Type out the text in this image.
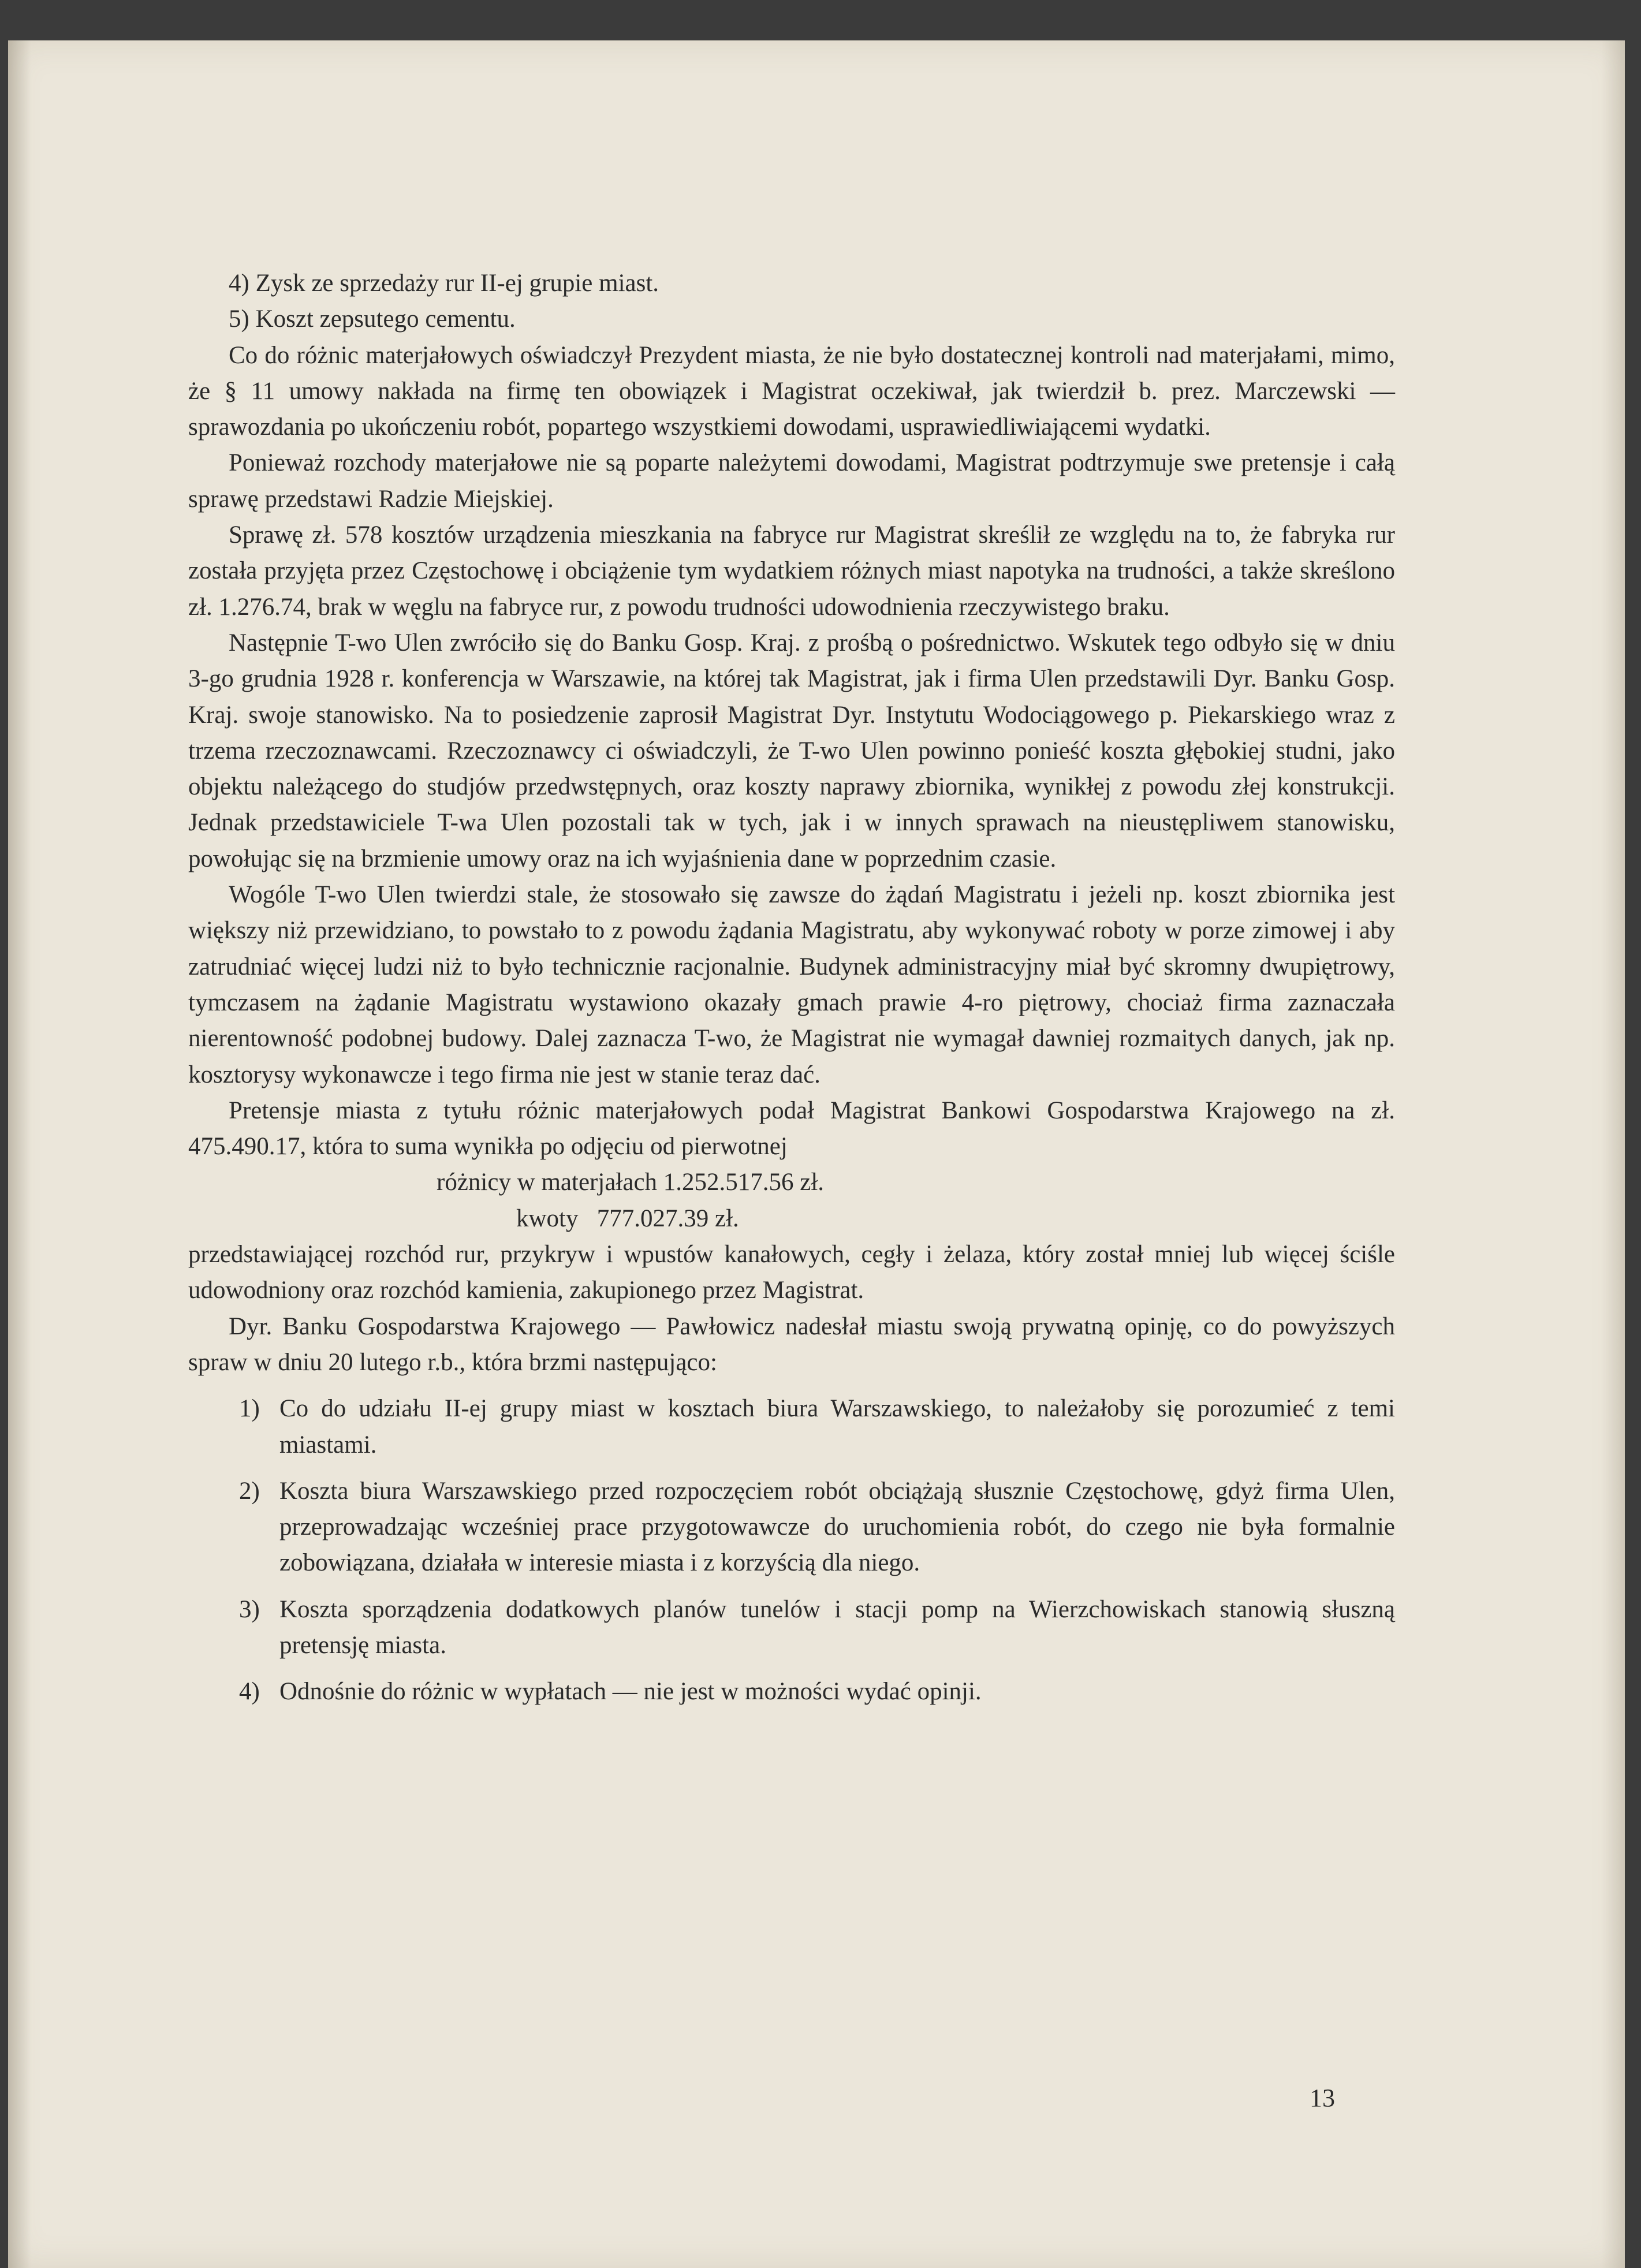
4) Zysk ze sprzedaży rur II-ej grupie miast.

5) Koszt zepsutego cementu.

Co do różnic materjałowych oświadczył Prezydent miasta, że nie było dostatecznej kontroli nad materjałami, mimo, że § 11 umowy nakłada na firmę ten obowiązek i Magistrat oczekiwał, jak twierdził b. prez. Marczewski — sprawozdania po ukończeniu robót, popartego wszystkiemi dowodami, usprawiedliwiającemi wydatki.

Ponieważ rozchody materjałowe nie są poparte należytemi dowodami, Magistrat podtrzymuje swe pretensje i całą sprawę przedstawi Radzie Miejskiej.

Sprawę zł. 578 kosztów urządzenia mieszkania na fabryce rur Magistrat skreślił ze względu na to, że fabryka rur została przyjęta przez Częstochowę i obciążenie tym wydatkiem różnych miast napotyka na trudności, a także skreślono zł. 1.276.74, brak w węglu na fabryce rur, z powodu trudności udowodnienia rzeczywistego braku.

Następnie T-wo Ulen zwróciło się do Banku Gosp. Kraj. z prośbą o pośrednictwo. Wskutek tego odbyło się w dniu 3-go grudnia 1928 r. konferencja w Warszawie, na której tak Magistrat, jak i firma Ulen przedstawili Dyr. Banku Gosp. Kraj. swoje stanowisko. Na to posiedzenie zaprosił Magistrat Dyr. Instytutu Wodociągowego p. Piekarskiego wraz z trzema rzeczoznawcami. Rzeczoznawcy ci oświadczyli, że T-wo Ulen powinno ponieść koszta głębokiej studni, jako objektu należącego do studjów przedwstępnych, oraz koszty naprawy zbiornika, wynikłej z powodu złej konstrukcji. Jednak przedstawiciele T-wa Ulen pozostali tak w tych, jak i w innych sprawach na nieustępliwem stanowisku, powołując się na brzmienie umowy oraz na ich wyjaśnienia dane w poprzednim czasie.

Wogóle T-wo Ulen twierdzi stale, że stosowało się zawsze do żądań Magistratu i jeżeli np. koszt zbiornika jest większy niż przewidziano, to powstało to z powodu żądania Magistratu, aby wykonywać roboty w porze zimowej i aby zatrudniać więcej ludzi niż to było technicznie racjonalnie. Budynek administracyjny miał być skromny dwupiętrowy, tymczasem na żądanie Magistratu wystawiono okazały gmach prawie 4-ro piętrowy, chociaż firma zaznaczała nierentowność podobnej budowy. Dalej zaznacza T-wo, że Magistrat nie wymagał dawniej rozmaitych danych, jak np. kosztorysy wykonawcze i tego firma nie jest w stanie teraz dać.

Pretensje miasta z tytułu różnic materjałowych podał Magistrat Bankowi Gospodarstwa Krajowego na zł. 475.490.17, która to suma wynikła po odjęciu od pierwotnej

różnicy w materjałach 1.252.517.56 zł.

kwoty   777.027.39 zł.

przedstawiającej rozchód rur, przykryw i wpustów kanałowych, cegły i żelaza, który został mniej lub więcej ściśle udowodniony oraz rozchód kamienia, zakupionego przez Magistrat.

Dyr. Banku Gospodarstwa Krajowego — Pawłowicz nadesłał miastu swoją prywatną opinję, co do powyższych spraw w dniu 20 lutego r.b., która brzmi następująco:

1) Co do udziału II-ej grupy miast w kosztach biura Warszawskiego, to należałoby się porozumieć z temi miastami.
2) Koszta biura Warszawskiego przed rozpoczęciem robót obciążają słusznie Częstochowę, gdyż firma Ulen, przeprowadzając wcześniej prace przygotowawcze do uruchomienia robót, do czego nie była formalnie zobowiązana, działała w interesie miasta i z korzyścią dla niego.
3) Koszta sporządzenia dodatkowych planów tunelów i stacji pomp na Wierzchowiskach stanowią słuszną pretensję miasta.
4) Odnośnie do różnic w wypłatach — nie jest w możności wydać opinji.
13
